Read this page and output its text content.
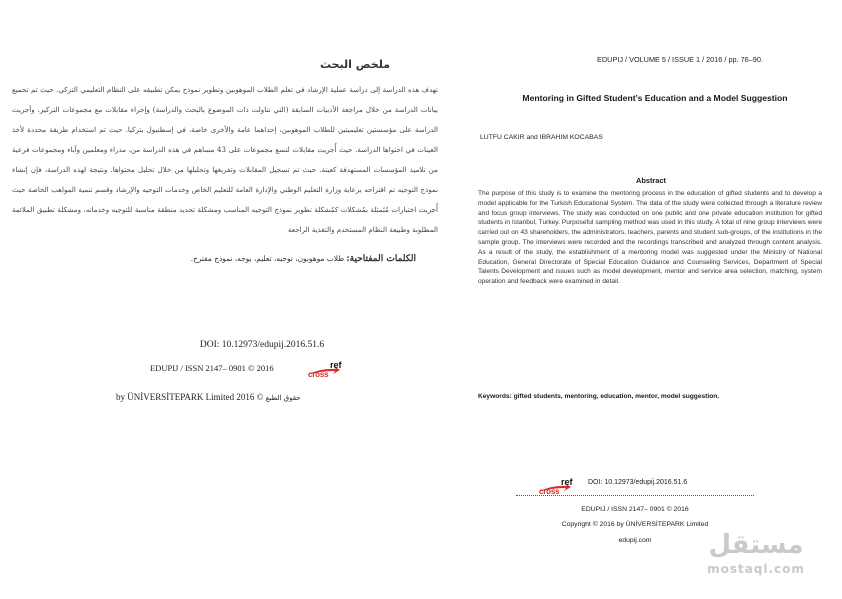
ملخص البحث
تهدف هذه الدراسة إلى دراسة عملية الإرشاد في تعلم الطلاب الموهوبين وتطوير نموذج يمكن تطبيقه على النظام التعليمي التركي. حيث تم تجميع بيانات الدراسة من خلال مراجعة الأدبيات السابقة (التي تناولت ذات الموضوع بالبحث والدراسة) وإجراء مقابلات مع مجموعات التركيز. وأجريت الدراسة على مؤسستين تعليميتين للطلاب الموهوبين، إحداهما عامة والأخرى خاصة، في إسطنبول بتركيا. حيث تم استخدام طريقة محددة لأخذ العينات في احتواها الدراسة. حيث أُجريت مقابلات لتسع مجموعات على 43 مساهم في هذه الدراسة من، مدراء ومعلمين وآباء ومجموعات فرعية من تلاميذ المؤسسات المستهدفة كعينة. حيث تم تسجيل المقابلات وتفريغها وتحليلها من خلال تحليل محتواها. ونتيجة لهذه الدراسة، فإن إنشاء نموذج التوجيه تم اقتراحه برعاية وزارة التعليم الوطني والإدارة العامة للتعليم الخاص وخدمات التوجيه والإرشاد وقسم تنمية المواهب الخاصة حيث أُجريت اختبارات مُتَمثلة بمُشكلات كمُشكلة تطوير نموذج التوجيه المناسب ومشكلة تحديد منطقة مناسبة للتوجيه وخدماته، ومشكلة تطبيق الملائمة المطلوبة وطبيعة النظام المستخدم والتغذية الراجعة
الكلمات المفتاحية: طلاب موهوبون، توجيه، تعليم، يوجه، نموذج مقترح.
DOI: 10.12973/edupij.2016.51.6
EDUPIJ / ISSN 2147– 0901 © 2016
cross
ref
by ÜNİVERSİTEPARK Limited 2016 © حقوق الطبع
EDUPIJ / VOLUME 5 / ISSUE 1 / 2016 / pp. 76–90.
Mentoring in Gifted Student’s Education and a Model Suggestion
LUTFU CAKIR and IBRAHIM KOCABAS
Abstract
The purpose of this study is to examine the mentoring process in the education of gifted students and to develop a model applicable for the Turkish Educational System. The data of the study were collected through a literature review and focus group interviews. The study was conducted on one public and one private education institution for gifted students in Istanbul, Turkey. Purposeful sampling method was used in this study. A total of nine group interviews were carried out on 43 shareholders, the administrators, teachers, parents and student sub-groups, of the institutions in the sample group. The interviews were recorded and the recordings transcribed and analyzed through content analysis. As a result of the study, the establishment of a mentoring model was suggested under the Ministry of National Education, General Directorate of Special Education Guidance and Counseling Services, Department of Special Talents Development and issues such as model development, mentor and service area selection, matching, system operation and feedback were examined in detail.
Keywords: gifted students, mentoring, education, mentor, model suggestion.
cross
ref DOI: 10.12973/edupij.2016.51.6
EDUPIJ / ISSN 2147– 0901 © 2016
Copyright © 2016 by ÜNİVERSİTEPARK Limited
edupij.com	مستقل
mostaql.com
